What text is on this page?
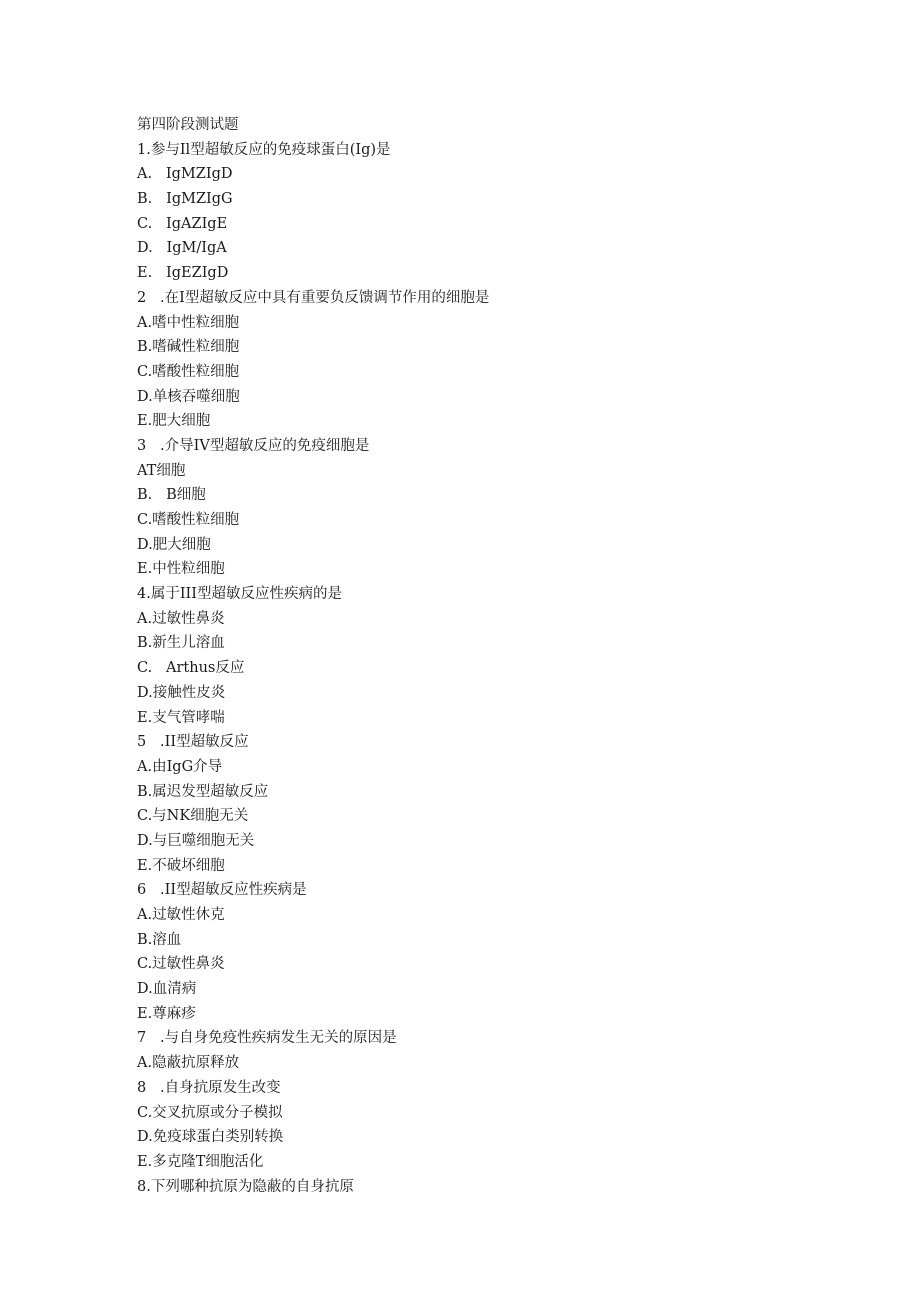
第四阶段测试题
1.参与Il型超敏反应的免疫球蛋白(Ig)是
A.   IgMZIgD
B.   IgMZIgG
C.   IgAZIgE
D.   IgM/IgA
E.   IgEZIgD
2   .在I型超敏反应中具有重要负反馈调节作用的细胞是
A.嗜中性粒细胞
B.嗜碱性粒细胞
C.嗜酸性粒细胞
D.单核吞噬细胞
E.肥大细胞
3   .介导IV型超敏反应的免疫细胞是
AT细胞
B.   B细胞
C.嗜酸性粒细胞
D.肥大细胞
E.中性粒细胞
4.属于III型超敏反应性疾病的是
A.过敏性鼻炎
B.新生儿溶血
C.   Arthus反应
D.接触性皮炎
E.支气管哮喘
5   .II型超敏反应
A.由IgG介导
B.属迟发型超敏反应
C.与NK细胞无关
D.与巨噬细胞无关
E.不破坏细胞
6   .II型超敏反应性疾病是
A.过敏性休克
B.溶血
C.过敏性鼻炎
D.血清病
E.尊麻疹
7   .与自身免疫性疾病发生无关的原因是
A.隐蔽抗原释放
8   .自身抗原发生改变
C.交叉抗原或分子模拟
D.免疫球蛋白类别转换
E.多克隆T细胞活化
8.下列哪种抗原为隐蔽的自身抗原
